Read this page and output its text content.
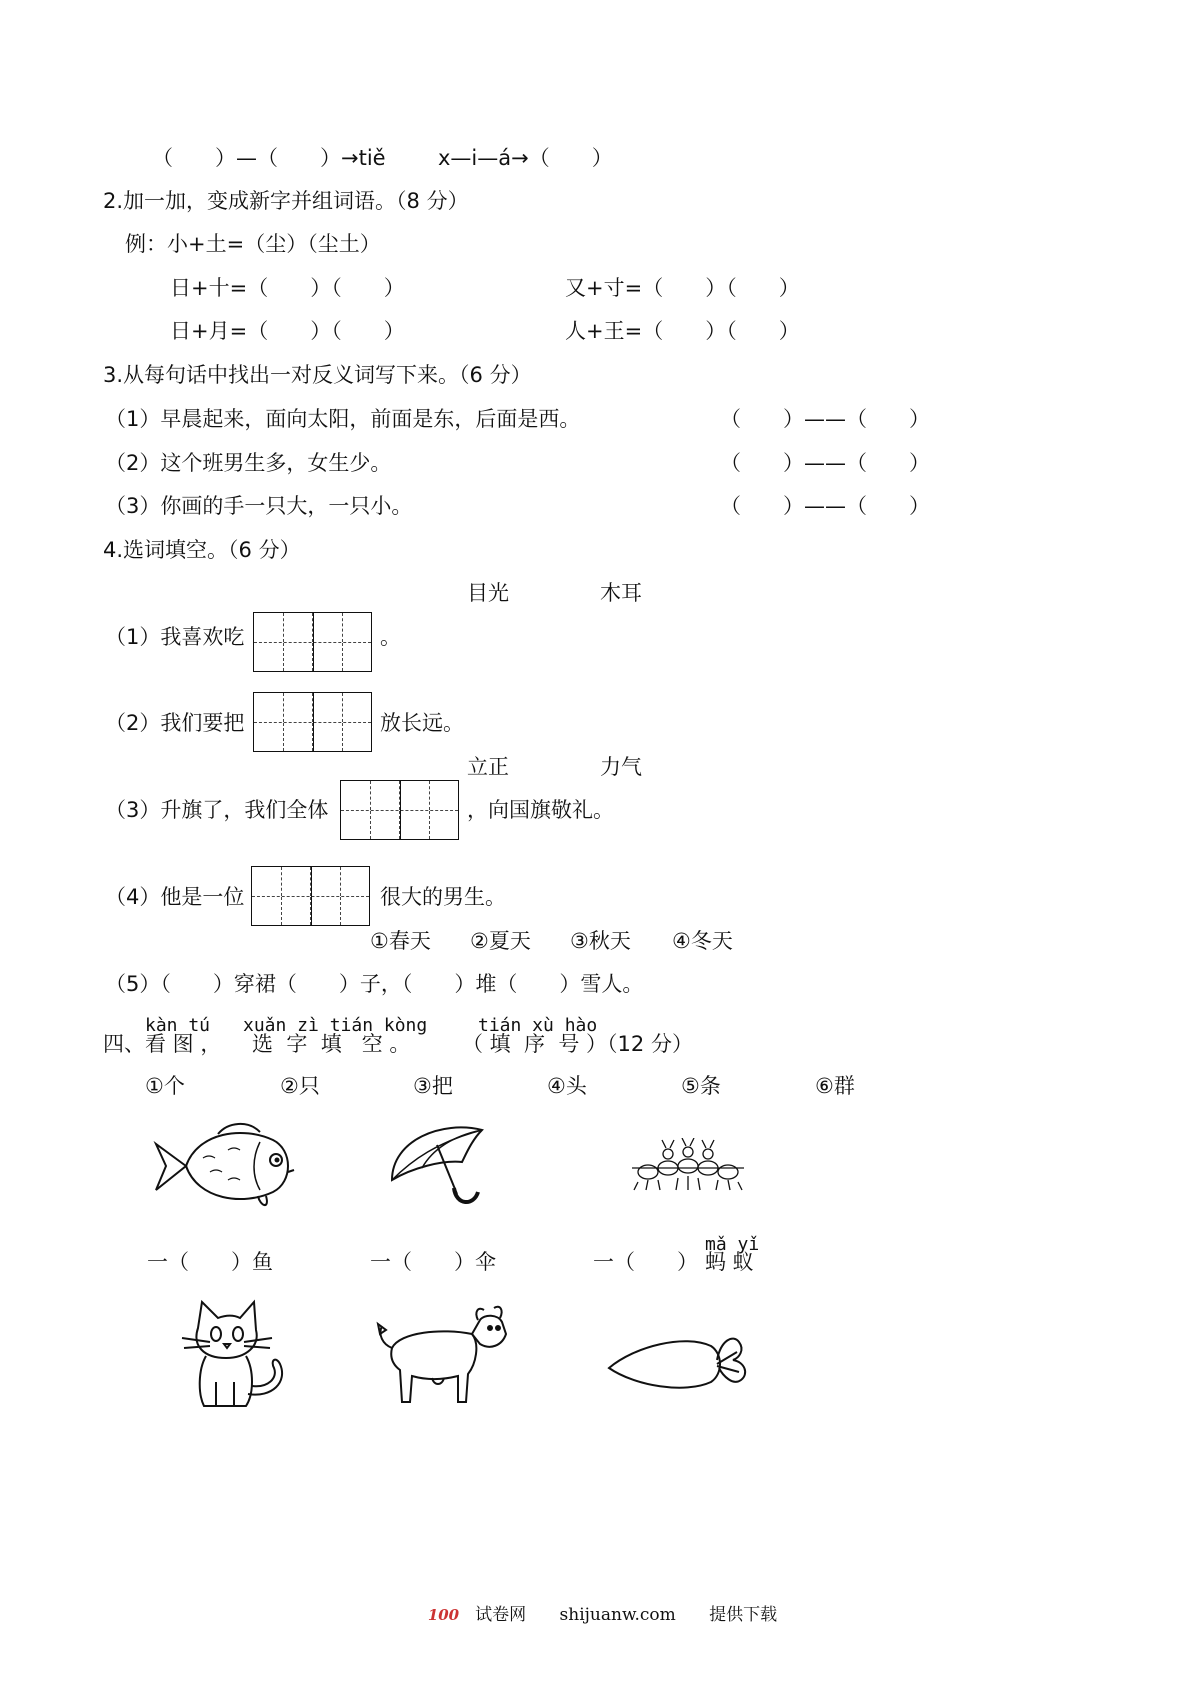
（　　）—（　　）→tiě x—i—á→（　　）
2.加一加，变成新字并组词语。（8 分）
例：小+土=（尘）（尘土）
日+十=（　　）（　　）	又+寸=（　　）（　　）
日+月=（　　）（　　）	人+王=（　　）（　　）
3.从每句话中找出一对反义词写下来。（6 分）
（1）早晨起来，面向太阳，前面是东，后面是西。	（　　）——（　　）
（2）这个班男生多，女生少。	（　　）——（　　）
（3）你画的手一只大，一只小。	（　　）——（　　）
4.选词填空。（6 分）
目光	木耳
（1）我喜欢吃	。
（2）我们要把	放长远。
立正	力气
（3）升旗了，我们全体	，向国旗敬礼。
（4）他是一位	很大的男生。
①春天 ②夏天 ③秋天 ④冬天
（5）（　　）穿裙（　　）子，（　　）堆（　　）雪人。
kàn tú xuǎn zì tián kòng	tián xù hào
四、看 图 ， 选  字  填   空 。 （ 填  序  号 ）（12 分）
①个	②只	③把	④头	⑤条	⑥群
一（　　）鱼	一（　　）伞	一（　　）
mǎ yǐ
蚂 蚁
100 试卷网 shijuanw.com 提供下载
